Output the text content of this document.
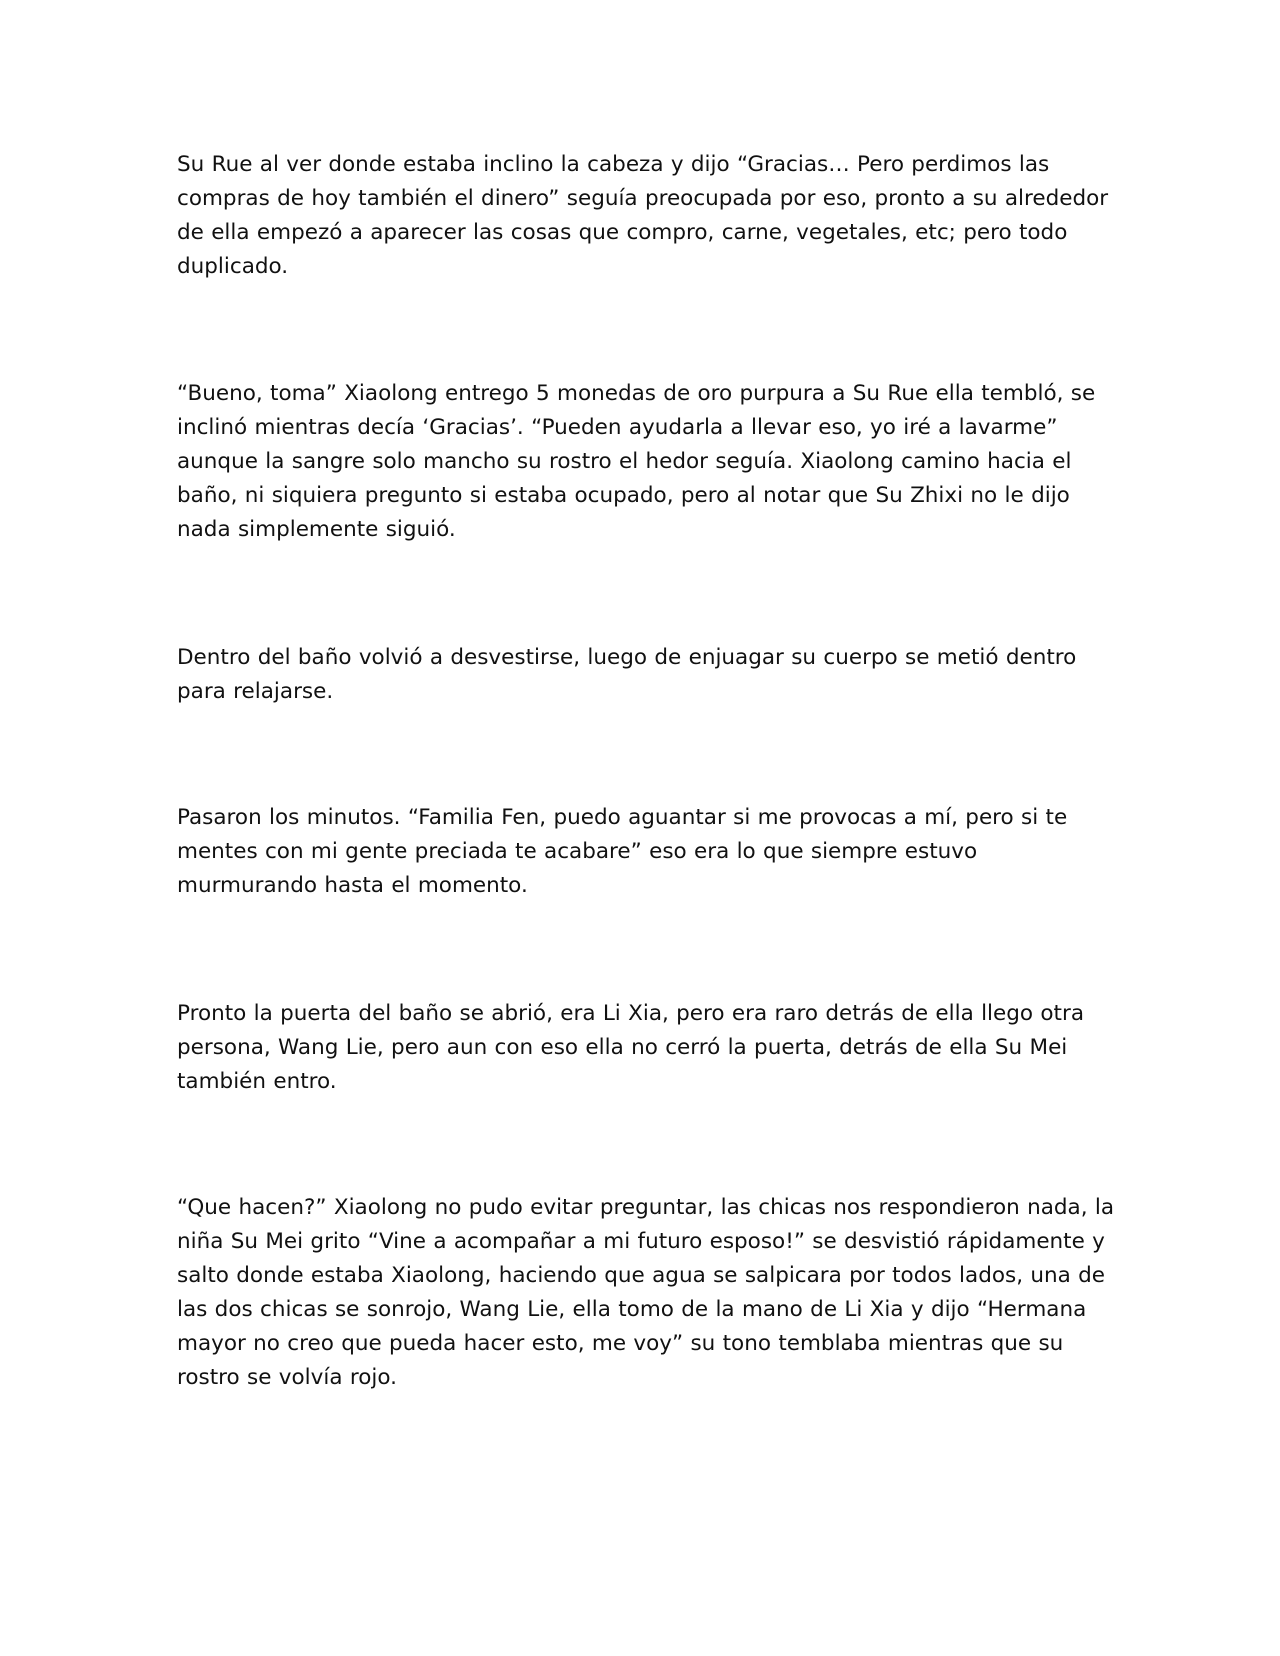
Su Rue al ver donde estaba inclino la cabeza y dijo “Gracias… Pero perdimos las compras de hoy también el dinero” seguía preocupada por eso, pronto a su alrededor de ella empezó a aparecer las cosas que compro, carne, vegetales, etc; pero todo duplicado.

“Bueno, toma” Xiaolong entrego 5 monedas de oro purpura a Su Rue ella tembló, se inclinó mientras decía ‘Gracias’. “Pueden ayudarla a llevar eso, yo iré a lavarme” aunque la sangre solo mancho su rostro el hedor seguía. Xiaolong camino hacia el baño, ni siquiera pregunto si estaba ocupado, pero al notar que Su Zhixi no le dijo nada simplemente siguió.

Dentro del baño volvió a desvestirse, luego de enjuagar su cuerpo se metió dentro para relajarse.

Pasaron los minutos. “Familia Fen, puedo aguantar si me provocas a mí, pero si te mentes con mi gente preciada te acabare” eso era lo que siempre estuvo murmurando hasta el momento.

Pronto la puerta del baño se abrió, era Li Xia, pero era raro detrás de ella llego otra persona, Wang Lie, pero aun con eso ella no cerró la puerta, detrás de ella Su Mei también entro.

“Que hacen?” Xiaolong no pudo evitar preguntar, las chicas nos respondieron nada, la niña Su Mei grito “Vine a acompañar a mi futuro esposo!” se desvistió rápidamente y salto donde estaba Xiaolong, haciendo que agua se salpicara por todos lados, una de las dos chicas se sonrojo, Wang Lie, ella tomo de la mano de Li Xia y dijo “Hermana mayor no creo que pueda hacer esto, me voy” su tono temblaba mientras que su rostro se volvía rojo.
